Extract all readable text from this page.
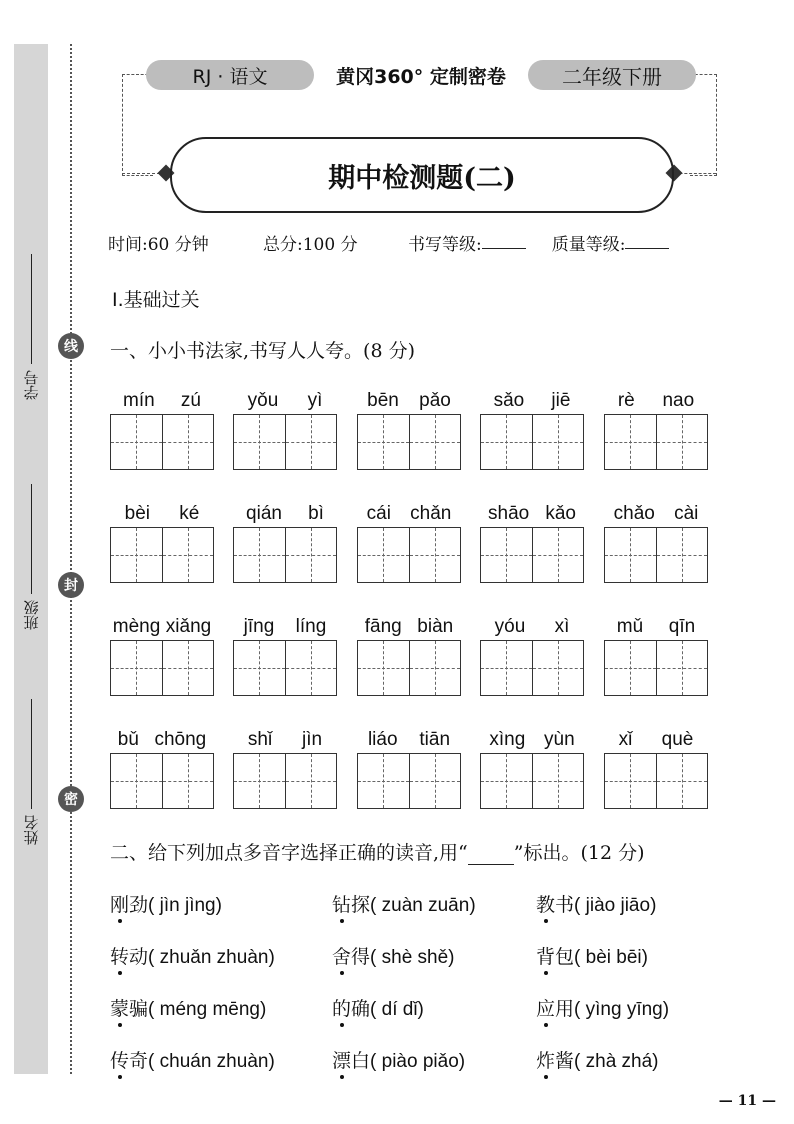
学号
班级
姓名
线
封
密
RJ · 语文	黄冈360° 定制密卷	二年级下册
期中检测题(二)
时间:60 分钟	总分:100 分	书写等级:	质量等级:
Ⅰ.基础过关
一、小小书法家,书写人人夸。(8 分)
mín zú yǒu yì bēn pǎo sǎo jiē rè nao
bèi ké qián bì cái chǎn shāo kǎo chǎo cài
mèng xiǎng jīng líng fāng biàn yóu xì mǔ qīn
bǔ chōng shǐ jìn liáo tiān xìng yùn xǐ què
二、给下列加点多音字选择正确的读音,用“ ”标出。(12 分)
刚劲( jìn jìng)	钻探( zuàn zuān)	教书( jiào jiāo)
转动( zhuǎn zhuàn)	舍得( shè shě)	背包( bèi bēi)
蒙骗( méng mēng)	的确( dí dǐ)	应用( yìng yīng)
传奇( chuán zhuàn)	漂白( piào piǎo)	炸酱( zhà zhá)
— 11 —
